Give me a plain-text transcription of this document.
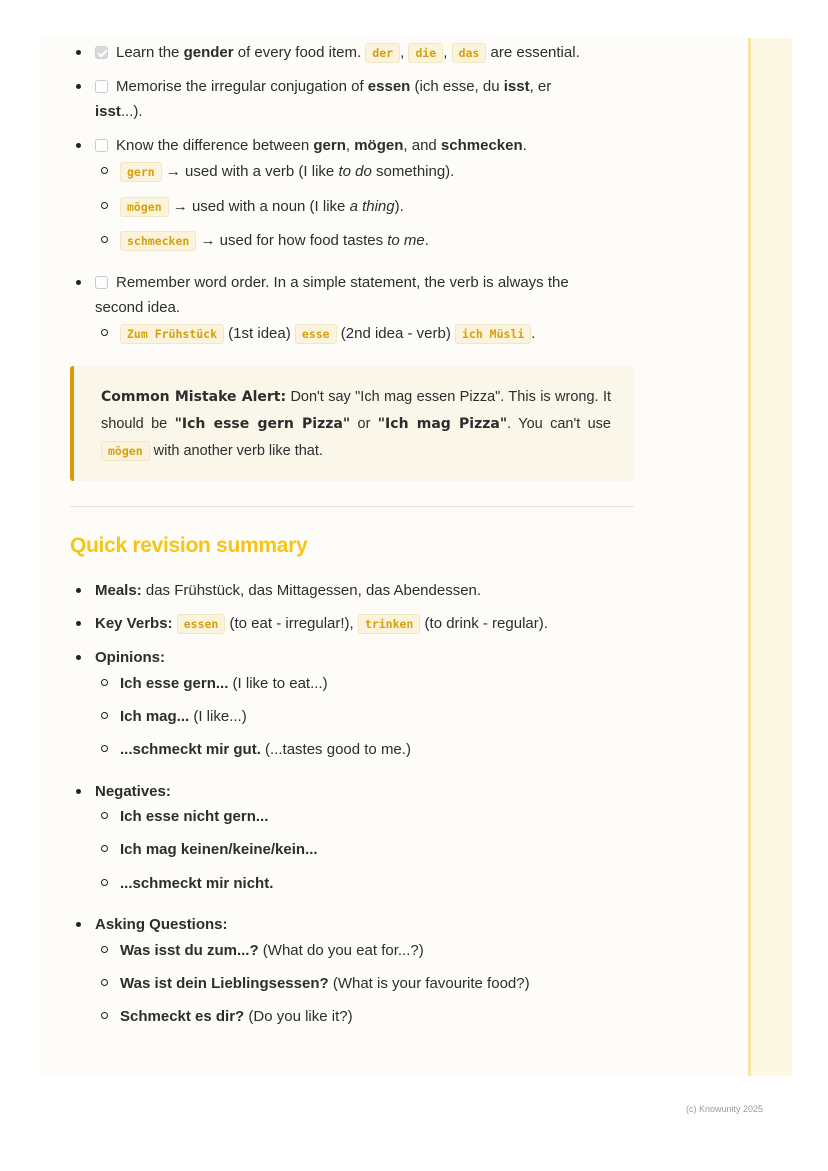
Learn the gender of every food item. der , die , das are essential.
Memorise the irregular conjugation of essen (ich esse, du isst, er
isst...).
Know the difference between gern, mögen, and schmecken.
gern → used with a verb (I like to do something).
mögen → used with a noun (I like a thing).
schmecken → used for how food tastes to me.
Remember word order. In a simple statement, the verb is always the
second idea.
Zum Frühstück (1st idea) esse (2nd idea - verb) ich Müsli .

Common Mistake Alert: Don't say "Ich mag essen Pizza". This is wrong. It should be "Ich esse gern Pizza" or "Ich mag Pizza". You can't use mögen with another verb like that.

Quick revision summary
Meals: das Frühstück, das Mittagessen, das Abendessen.
Key Verbs: essen (to eat - irregular!), trinken (to drink - regular).
Opinions:
Ich esse gern... (I like to eat...)
Ich mag... (I like...)
...schmeckt mir gut. (...tastes good to me.)
Negatives:
Ich esse nicht gern...
Ich mag keinen/keine/kein...
...schmeckt mir nicht.
Asking Questions:
Was isst du zum...? (What do you eat for...?)
Was ist dein Lieblingsessen? (What is your favourite food?)
Schmeckt es dir? (Do you like it?)
(c) Knowunity 2025
